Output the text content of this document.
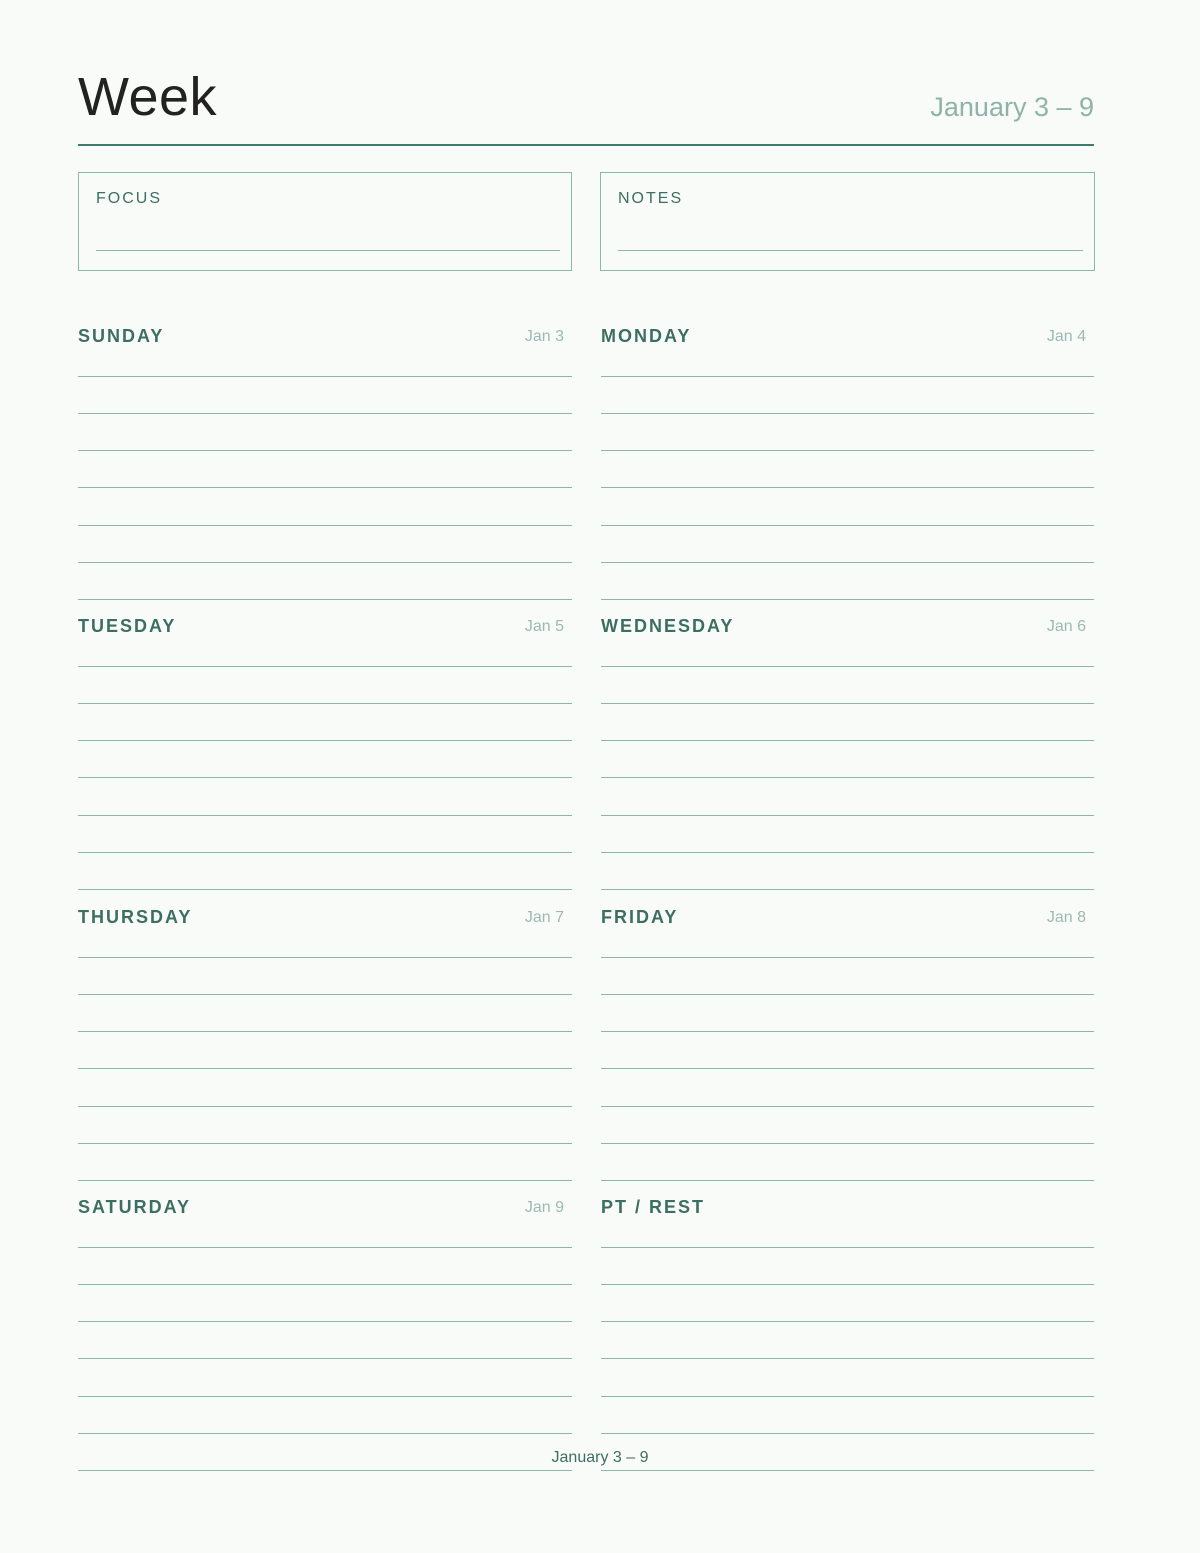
Week	January 3 – 9
FOCUS	NOTES
SUNDAY	Jan 3 MONDAY	Jan 4
TUESDAY	Jan 5 WEDNESDAY	Jan 6
THURSDAY	Jan 7 FRIDAY	Jan 8
SATURDAY	Jan 9 PT / REST
January 3 – 9
